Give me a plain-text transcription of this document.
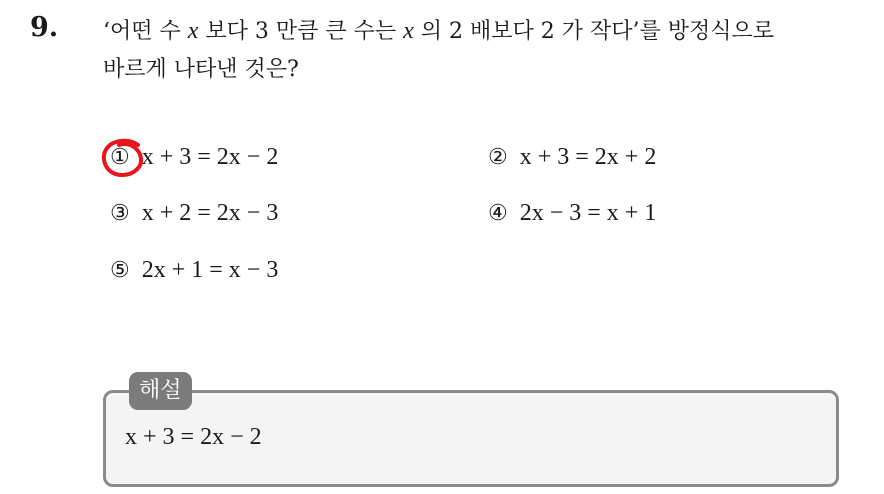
9. ‘어떤 수 x 보다 3 만큼 큰 수는 x 의 2 배보다 2 가 작다’를 방정식으로
바르게 나타낸 것은?
① x + 3 = 2x − 2	② x + 3 = 2x + 2
③ x + 2 = 2x − 3	④ 2x − 3 = x + 1
⑤ 2x + 1 = x − 3
해설
x + 3 = 2x − 2
